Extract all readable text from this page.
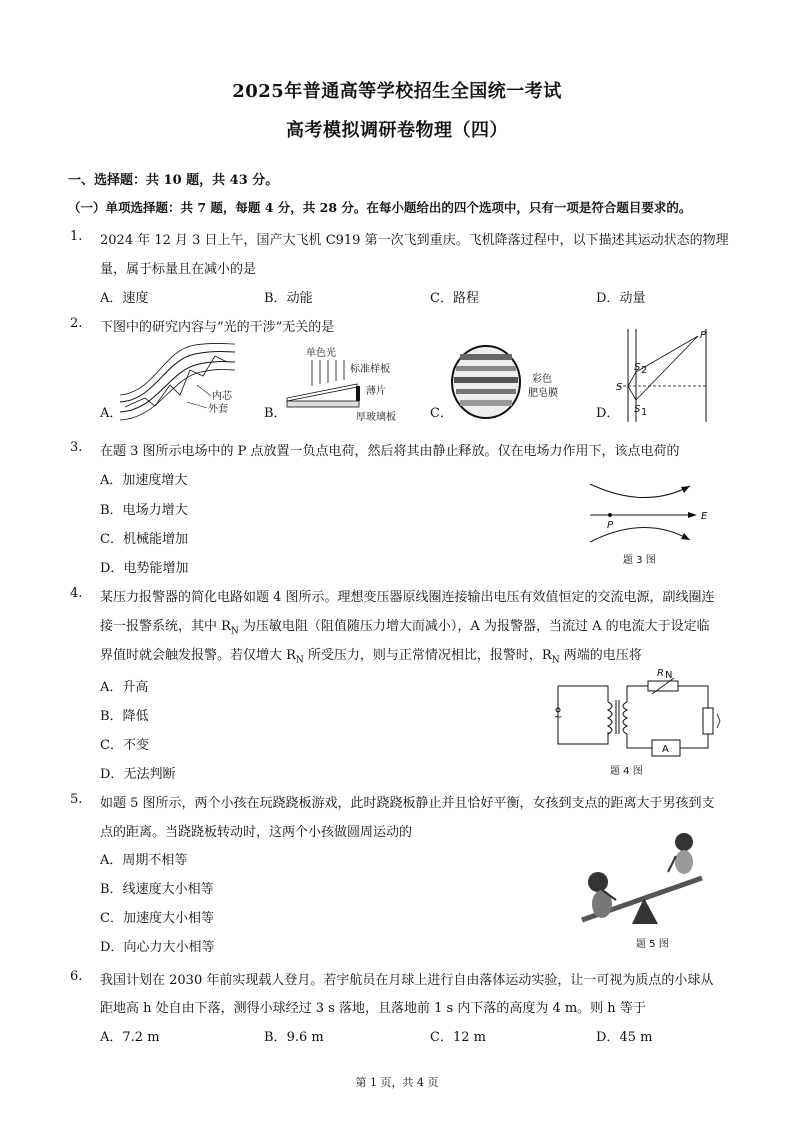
2025年普通高等学校招生全国统一考试
高考模拟调研卷物理（四）
一、选择题：共 10 题，共 43 分。
（一）单项选择题：共 7 题，每题 4 分，共 28 分。在每小题给出的四个选项中，只有一项是符合题目要求的。
1. 2024 年 12 月 3 日上午，国产大飞机 C919 第一次飞到重庆。飞机降落过程中，以下描述其运动状态的物理
量，属于标量且在减小的是
A．速度	B．动能	C．路程	D．动量
2. 下图中的研究内容与“光的干涉”无关的是
A．
内芯
外套	B．
单色光
标准样板
薄片
厚玻璃板	C．
彩色
肥皂膜
D．
P
S
S 2
S 1
3. 在题 3 图所示电场中的 P 点放置一负点电荷，然后将其由静止释放。仅在电场力作用下，该点电荷的
A．加速度增大
B．电场力增大
C．机械能增加
D．电势能增加
P
E
题 3 图
4. 某压力报警器的简化电路如题 4 图所示。理想变压器原线圈连接输出电压有效值恒定的交流电源，副线圈连
接一报警系统，其中 $R_N$ 为压敏电阻（阻值随压力增大而减小），A 为报警器，当流过 A 的电流大于设定临
界值时就会触发报警。若仅增大 $R_N$ 所受压力，则与正常情况相比，报警时，$R_N$ 两端的电压将
A．升高
B．降低
C．不变
D．无法判断
~
R N
A
题 4 图
5. 如题 5 图所示，两个小孩在玩跷跷板游戏，此时跷跷板静止并且恰好平衡，女孩到支点的距离大于男孩到支
点的距离。当跷跷板转动时，这两个小孩做圆周运动的
A．周期不相等
B．线速度大小相等
C．加速度大小相等
D．向心力大小相等	题 5 图
6. 我国计划在 2030 年前实现载人登月。若宇航员在月球上进行自由落体运动实验，让一可视为质点的小球从
距地高 h 处自由下落，测得小球经过 3 s 落地，且落地前 1 s 内下落的高度为 4 m。则 h 等于
A．7.2 m	B．9.6 m	C．12 m	D．45 m
第 1 页，共 4 页
